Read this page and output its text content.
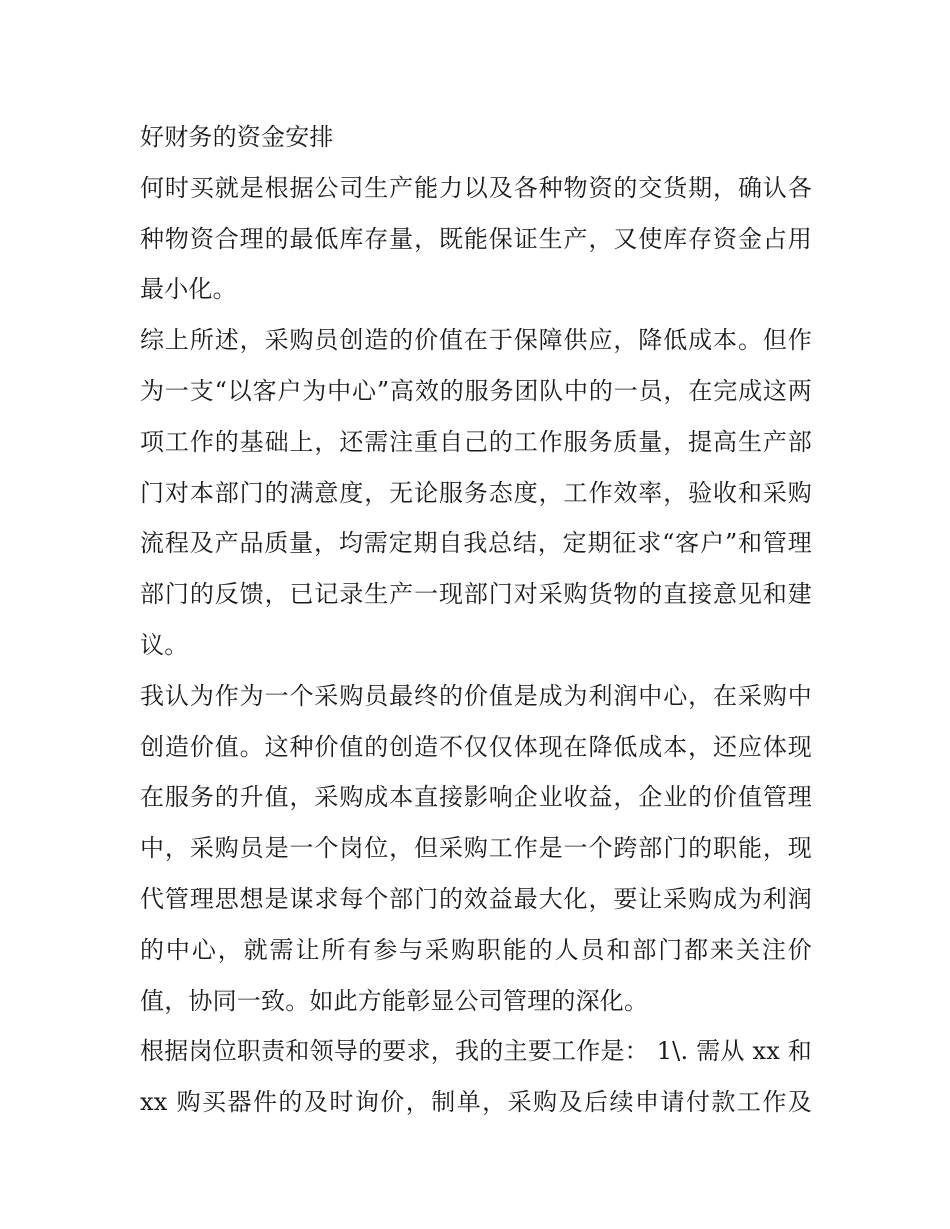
好财务的资金安排
何时买就是根据公司生产能力以及各种物资的交货期，确认各
种物资合理的最低库存量，既能保证生产，又使库存资金占用
最小化。
综上所述，采购员创造的价值在于保障供应，降低成本。但作
为一支“以客户为中心”高效的服务团队中的一员，在完成这两
项工作的基础上，还需注重自己的工作服务质量，提高生产部
门对本部门的满意度，无论服务态度，工作效率，验收和采购
流程及产品质量，均需定期自我总结，定期征求“客户”和管理
部门的反馈，已记录生产一现部门对采购货物的直接意见和建
议。
我认为作为一个采购员最终的价值是成为利润中心，在采购中
创造价值。这种价值的创造不仅仅体现在降低成本，还应体现
在服务的升值，采购成本直接影响企业收益，企业的价值管理
中，采购员是一个岗位，但采购工作是一个跨部门的职能，现
代管理思想是谋求每个部门的效益最大化，要让采购成为利润
的中心，就需让所有参与采购职能的人员和部门都来关注价
值，协同一致。如此方能彰显公司管理的深化。
根据岗位职责和领导的要求，我的主要工作是： 1\. 需从 xx 和
xx 购买器件的及时询价，制单，采购及后续申请付款工作及
